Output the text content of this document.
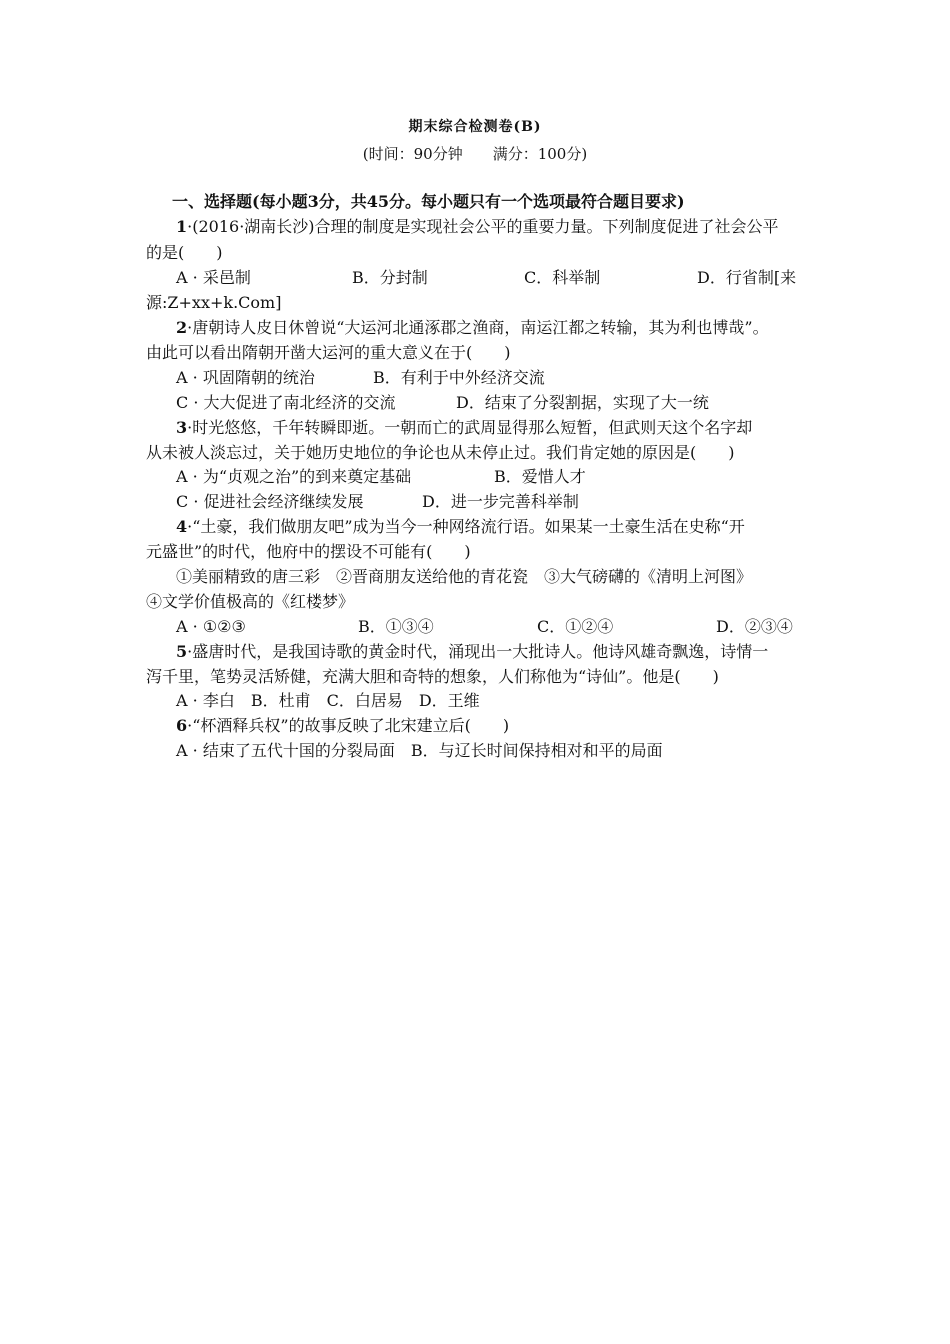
期末综合检测卷(B)
(时间：90分钟　　满分：100分)
一、选择题(每小题3分，共45分。每小题只有一个选项最符合题目要求)
1·(2016·湖南长沙)合理的制度是实现社会公平的重要力量。下列制度促进了社会公平
的是(　　)
A · 采邑制	B．分封制	C．科举制	D．行省制[来
源:Z+xx+k.Com]
2·唐朝诗人皮日休曾说“大运河北通涿郡之渔商，南运江都之转输，其为利也博哉”。
由此可以看出隋朝开凿大运河的重大意义在于(　　)
A · 巩固隋朝的统治	B．有利于中外经济交流
C · 大大促进了南北经济的交流	D．结束了分裂割据，实现了大一统
3·时光悠悠，千年转瞬即逝。一朝而亡的武周显得那么短暂，但武则天这个名字却
从未被人淡忘过，关于她历史地位的争论也从未停止过。我们肯定她的原因是(　　)
A · 为“贞观之治”的到来奠定基础	B．爱惜人才
C · 促进社会经济继续发展	D．进一步完善科举制
4·“土豪，我们做朋友吧”成为当今一种网络流行语。如果某一土豪生活在史称“开
元盛世”的时代，他府中的摆设不可能有(　　)
①美丽精致的唐三彩　②晋商朋友送给他的青花瓷　③大气磅礴的《清明上河图》
④文学价值极高的《红楼梦》
A · ①②③	B．①③④	C．①②④	D．②③④
5·盛唐时代，是我国诗歌的黄金时代，涌现出一大批诗人。他诗风雄奇飘逸，诗情一
泻千里，笔势灵活矫健，充满大胆和奇特的想象，人们称他为“诗仙”。他是(　　)
A · 李白　B．杜甫　C．白居易　D．王维
6·“杯酒释兵权”的故事反映了北宋建立后(　　)
A · 结束了五代十国的分裂局面　B．与辽长时间保持相对和平的局面
